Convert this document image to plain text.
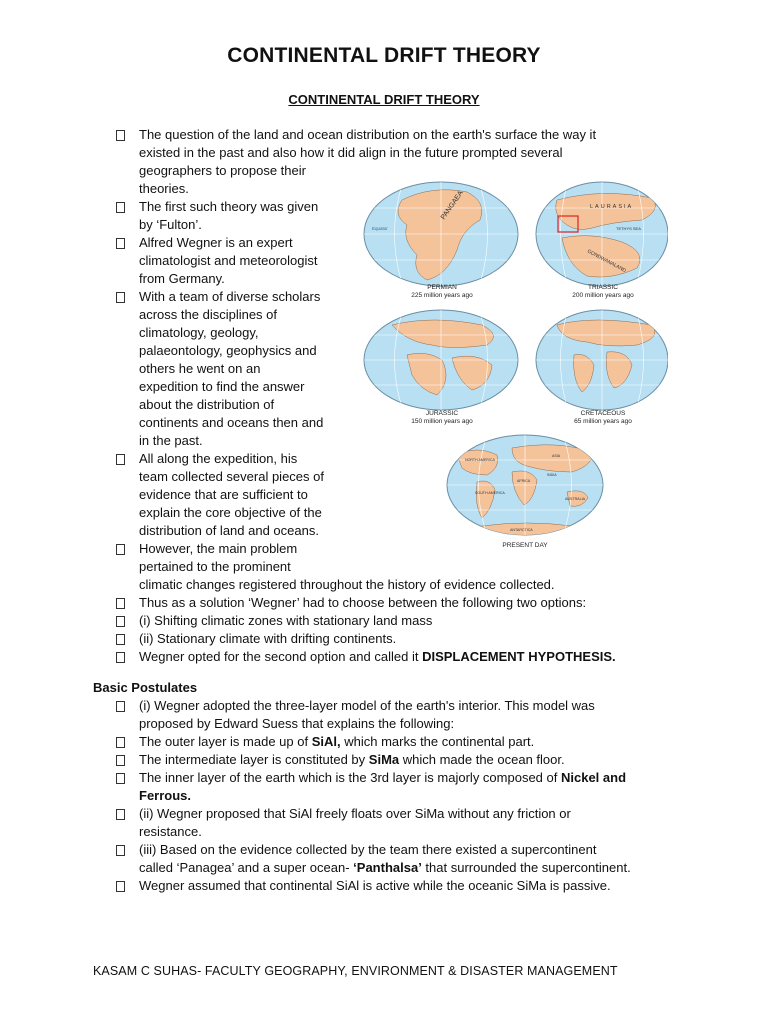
CONTINENTAL DRIFT THEORY
CONTINENTAL DRIFT THEORY
The question of the land and ocean distribution on the earth's surface the way it
existed in the past and also how it did align in the future prompted several
geographers to propose their
theories.
The first such theory was given
by ‘Fulton’.
Alfred Wegner is an expert
climatologist and meteorologist
from Germany.
With a team of diverse scholars
across the disciplines of
climatology, geology,
palaeontology, geophysics and
others he went on an
expedition to find the answer
about the distribution of
continents and oceans then and
in the past.
All along the expedition, his
team collected several pieces of
evidence that are sufficient to
explain the core objective of the
distribution of land and oceans.
However, the main problem
pertained to the prominent
climatic changes registered throughout the history of evidence collected.
Thus as a solution ‘Wegner’ had to choose between the following two options:
(i) Shifting climatic zones with stationary land mass
(ii) Stationary climate with drifting continents.
Wegner opted for the second option and called it DISPLACEMENT HYPOTHESIS.
PANGAEA
Equator
LAURASIA
TETHYS SEA
GONDWANALAND
NORTH AMERICA
ASIA
AFRICA
SOUTH AMERICA
INDIA
AUSTRALIA
ANTARCTICA
PERMIAN
225 million years ago
TRIASSIC
200 million years ago
JURASSIC
150 million years ago
CRETACEOUS
65 million years ago
PRESENT DAY
Basic Postulates
(i) Wegner adopted the three-layer model of the earth's interior. This model was
proposed by Edward Suess that explains the following:
The outer layer is made up of SiAl, which marks the continental part.
The intermediate layer is constituted by SiMa which made the ocean floor.
The inner layer of the earth which is the 3rd layer is majorly composed of Nickel and
Ferrous.
(ii) Wegner proposed that SiAl freely floats over SiMa without any friction or
resistance.
(iii) Based on the evidence collected by the team there existed a supercontinent
called ‘Panagea’ and a super ocean- ‘Panthalsa’ that surrounded the supercontinent.
Wegner assumed that continental SiAl is active while the oceanic SiMa is passive.
KASAM C SUHAS- FACULTY GEOGRAPHY, ENVIRONMENT & DISASTER MANAGEMENT
